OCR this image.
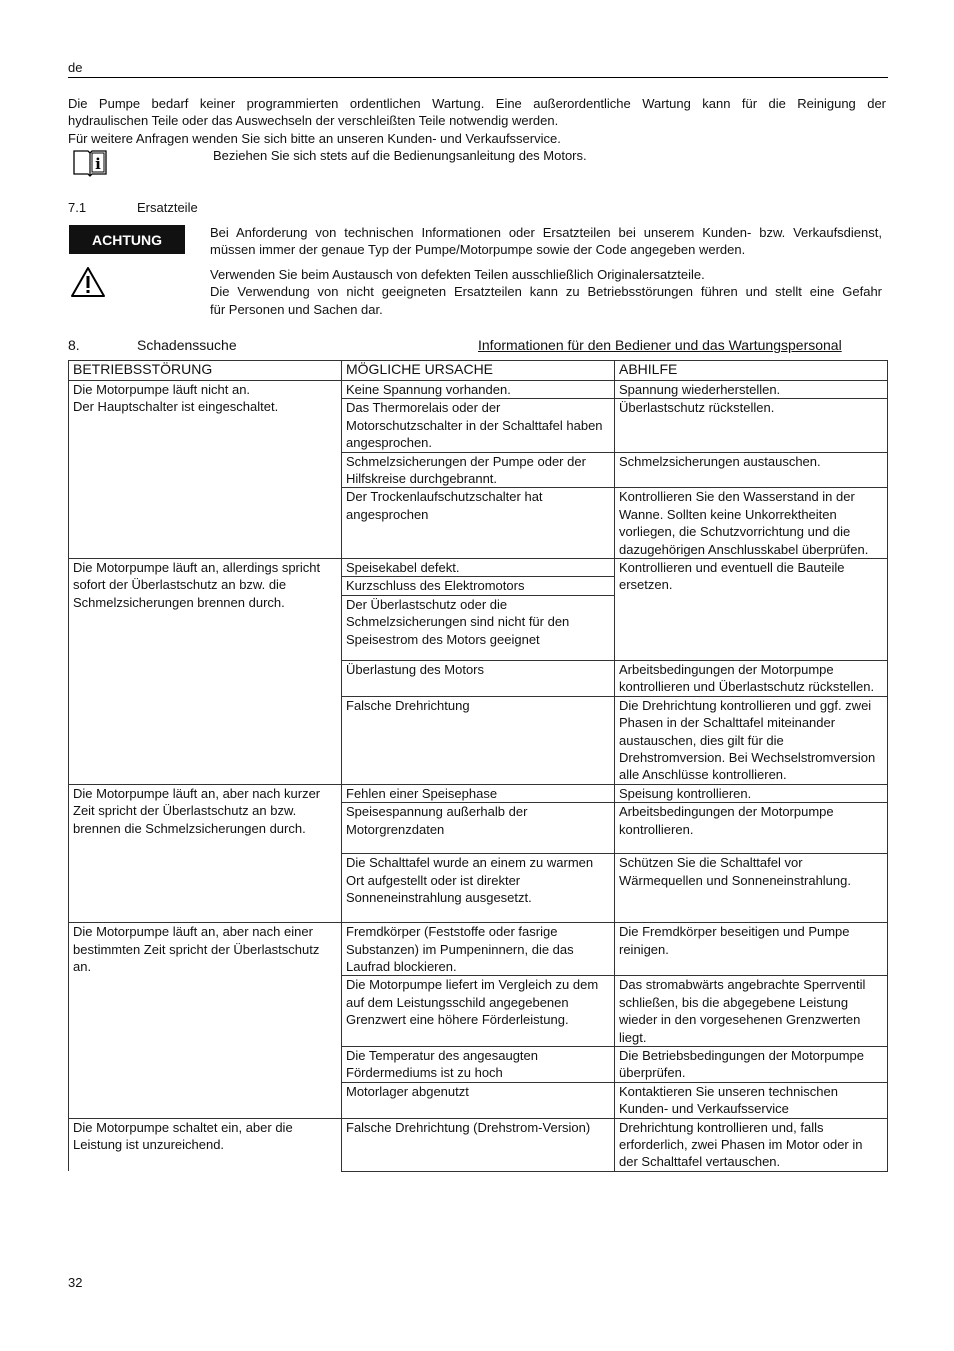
de
Die Pumpe bedarf keiner programmierten ordentlichen Wartung. Eine außerordentliche Wartung kann für die Reinigung der
hydraulischen Teile oder das Auswechseln der verschleißten Teile notwendig werden.
Für weitere Anfragen wenden Sie sich bitte an unseren Kunden- und Verkaufsservice.
i	Beziehen Sie sich stets auf die Bedienungsanleitung des Motors.
7.1	Ersatzteile
ACHTUNG	Bei Anforderung von technischen Informationen oder Ersatzteilen bei unserem Kunden- bzw. Verkaufsdienst,
müssen immer der genaue Typ der Pumpe/Motorpumpe sowie der Code angegeben werden.
Verwenden Sie beim Austausch von defekten Teilen ausschließlich Originalersatzteile.
Die Verwendung von nicht geeigneten Ersatzteilen kann zu Betriebsstörungen führen und stellt eine Gefahr
für Personen und Sachen dar.
8.	Schadenssuche	Informationen für den Bediener und das Wartungspersonal
BETRIEBSSTÖRUNG	MÖGLICHE URSACHE	ABHILFE
Die Motorpumpe läuft nicht an.
Der Hauptschalter ist eingeschaltet.	Keine Spannung vorhanden.	Spannung wiederherstellen.
	Das Thermorelais oder der Motorschutzschalter in der Schalttafel haben angesprochen.	Überlastschutz rückstellen.
	Schmelzsicherungen der Pumpe oder der Hilfskreise durchgebrannt.	Schmelzsicherungen austauschen.
	Der Trockenlaufschutzschalter hat angesprochen	Kontrollieren Sie den Wasserstand in der Wanne. Sollten keine Unkorrektheiten vorliegen, die Schutzvorrichtung und die dazugehörigen Anschlusskabel überprüfen.
Die Motorpumpe läuft an, allerdings spricht sofort der Überlastschutz an bzw. die Schmelzsicherungen brennen durch.	Speisekabel defekt.	Kontrollieren und eventuell die Bauteile ersetzen.
	Kurzschluss des Elektromotors	
	Der Überlastschutz oder die Schmelzsicherungen sind nicht für den Speisestrom des Motors geeignet	
	Überlastung des Motors	Arbeitsbedingungen der Motorpumpe kontrollieren und Überlastschutz rückstellen.
	Falsche Drehrichtung	Die Drehrichtung kontrollieren und ggf. zwei Phasen in der Schalttafel miteinander austauschen, dies gilt für die Drehstromversion. Bei Wechselstromversion alle Anschlüsse kontrollieren.
Die Motorpumpe läuft an, aber nach kurzer Zeit spricht der Überlastschutz an bzw. brennen die Schmelzsicherungen durch.	Fehlen einer Speisephase	Speisung kontrollieren.
	Speisespannung außerhalb der Motorgrenzdaten	Arbeitsbedingungen der Motorpumpe kontrollieren.
	Die Schalttafel wurde an einem zu warmen Ort aufgestellt oder ist direkter Sonneneinstrahlung ausgesetzt.	Schützen Sie die Schalttafel vor Wärmequellen und Sonneneinstrahlung.
Die Motorpumpe läuft an, aber nach einer bestimmten Zeit spricht der Überlastschutz an.	Fremdkörper (Feststoffe oder fasrige Substanzen) im Pumpeninnern, die das Laufrad blockieren.	Die Fremdkörper beseitigen und Pumpe reinigen.
	Die Motorpumpe liefert im Vergleich zu dem auf dem Leistungsschild angegebenen Grenzwert eine höhere Förderleistung.	Das stromabwärts angebrachte Sperrventil schließen, bis die abgegebene Leistung wieder in den vorgesehenen Grenzwerten liegt.
	Die Temperatur des angesaugten Fördermediums ist zu hoch	Die Betriebsbedingungen der Motorpumpe überprüfen.
	Motorlager abgenutzt	Kontaktieren Sie unseren technischen Kunden- und Verkaufsservice
Die Motorpumpe schaltet ein, aber die Leistung ist unzureichend.	Falsche Drehrichtung (Drehstrom-Version)	Drehrichtung kontrollieren und, falls erforderlich, zwei Phasen im Motor oder in der Schalttafel vertauschen.
32
